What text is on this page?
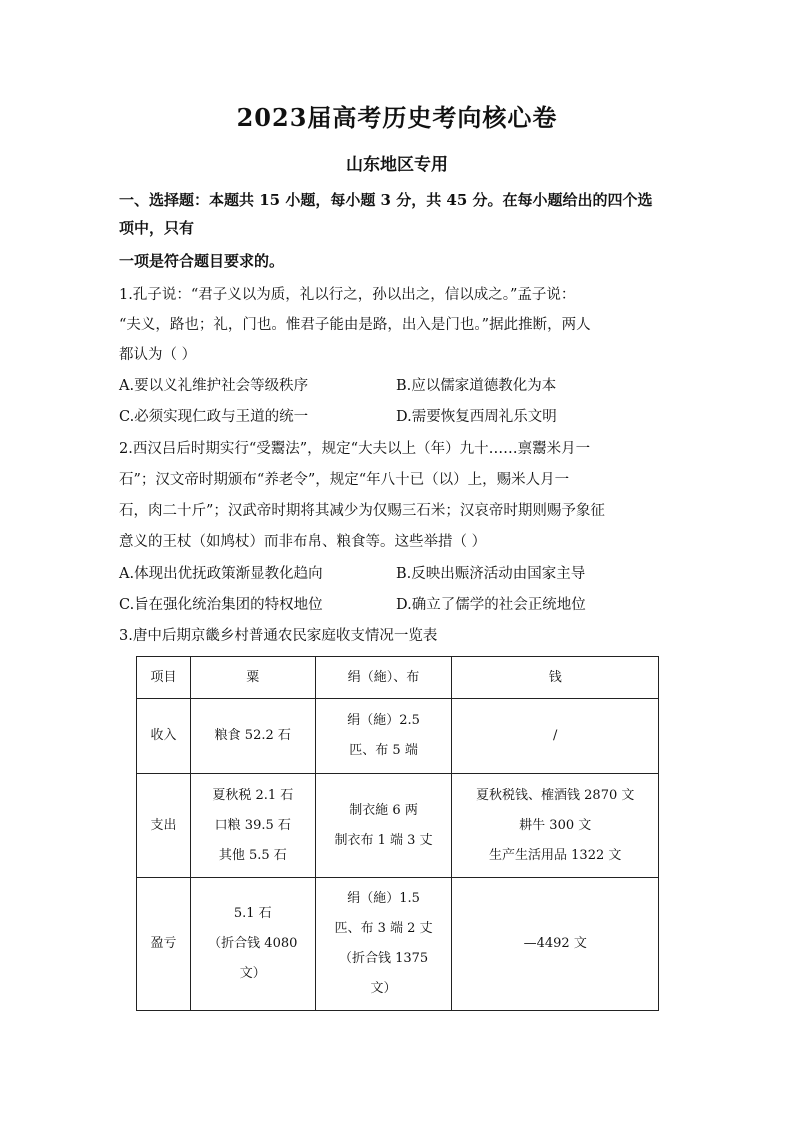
2023届高考历史考向核心卷
山东地区专用
一、选择题：本题共 15 小题，每小题 3 分，共 45 分。在每小题给出的四个选
项中，只有
一项是符合题目要求的。
1.孔子说：“君子义以为质，礼以行之，孙以出之，信以成之。”孟子说：
“夫义，路也；礼，门也。惟君子能由是路，出入是门也。”据此推断，两人
都认为（ ）
A.要以义礼维护社会等级秩序	B.应以儒家道德教化为本
C.必须实现仁政与王道的统一	D.需要恢复西周礼乐文明
2.西汉吕后时期实行“受鬻法”，规定“大夫以上（年）九十……禀鬻米月一
石”；汉文帝时期颁布“养老令”，规定“年八十已（以）上，赐米人月一
石，肉二十斤”；汉武帝时期将其减少为仅赐三石米；汉哀帝时期则赐予象征
意义的王杖（如鸠杖）而非布帛、粮食等。这些举措（ ）
A.体现出优抚政策渐显教化趋向	B.反映出赈济活动由国家主导
C.旨在强化统治集团的特权地位	D.确立了儒学的社会正统地位
3.唐中后期京畿乡村普通农民家庭收支情况一览表
项目	粟	绢（絁）、布	钱
收入	粮食 52.2 石	绢（絁）2.5
匹、布 5 端	/

支出	夏秋税 2.1 石
口粮 39.5 石
其他 5.5 石	制衣絁 6 两
制衣布 1 端 3 丈	夏秋税钱、榷酒钱 2870 文
耕牛 300 文
生产生活用品 1322 文

盈亏	5.1 石
（折合钱 4080
文）	绢（絁）1.5
匹、布 3 端 2 丈
（折合钱 1375
文）	—4492 文
